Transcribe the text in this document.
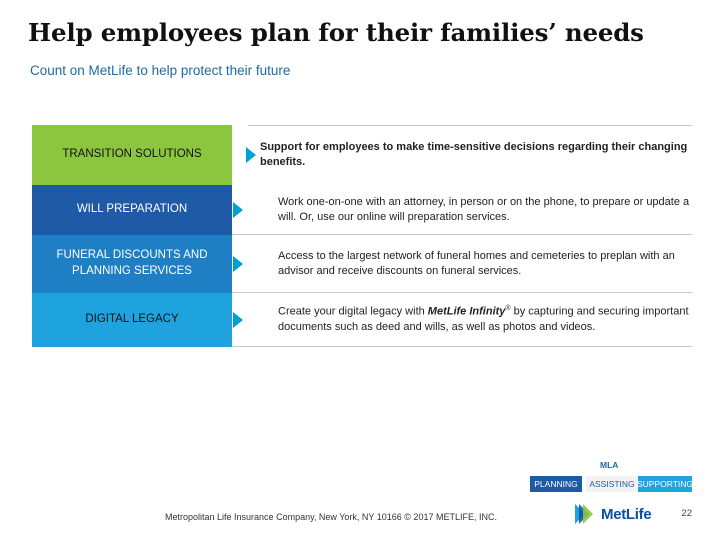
Help employees plan for their families’ needs

Count on MetLife to help protect their future

TRANSITION SOLUTIONS
Support for employees to make time-sensitive decisions regarding their changing benefits.
WILL PREPARATION
Work one-on-one with an attorney, in person or on the phone, to prepare or update a will. Or, use our online will preparation services.
FUNERAL DISCOUNTS AND PLANNING SERVICES
Access to the largest network of funeral homes and cemeteries to preplan with an advisor and receive discounts on funeral services.
DIGITAL LEGACY
Create your digital legacy with MetLife Infinity® by capturing and securing important documents such as deed and wills, as well as photos and videos.
MLA
PLANNING	ASSISTING SUPPORTING
Metropolitan Life Insurance Company, New York, NY 10166 © 2017 METLIFE, INC.	MetLife	22
